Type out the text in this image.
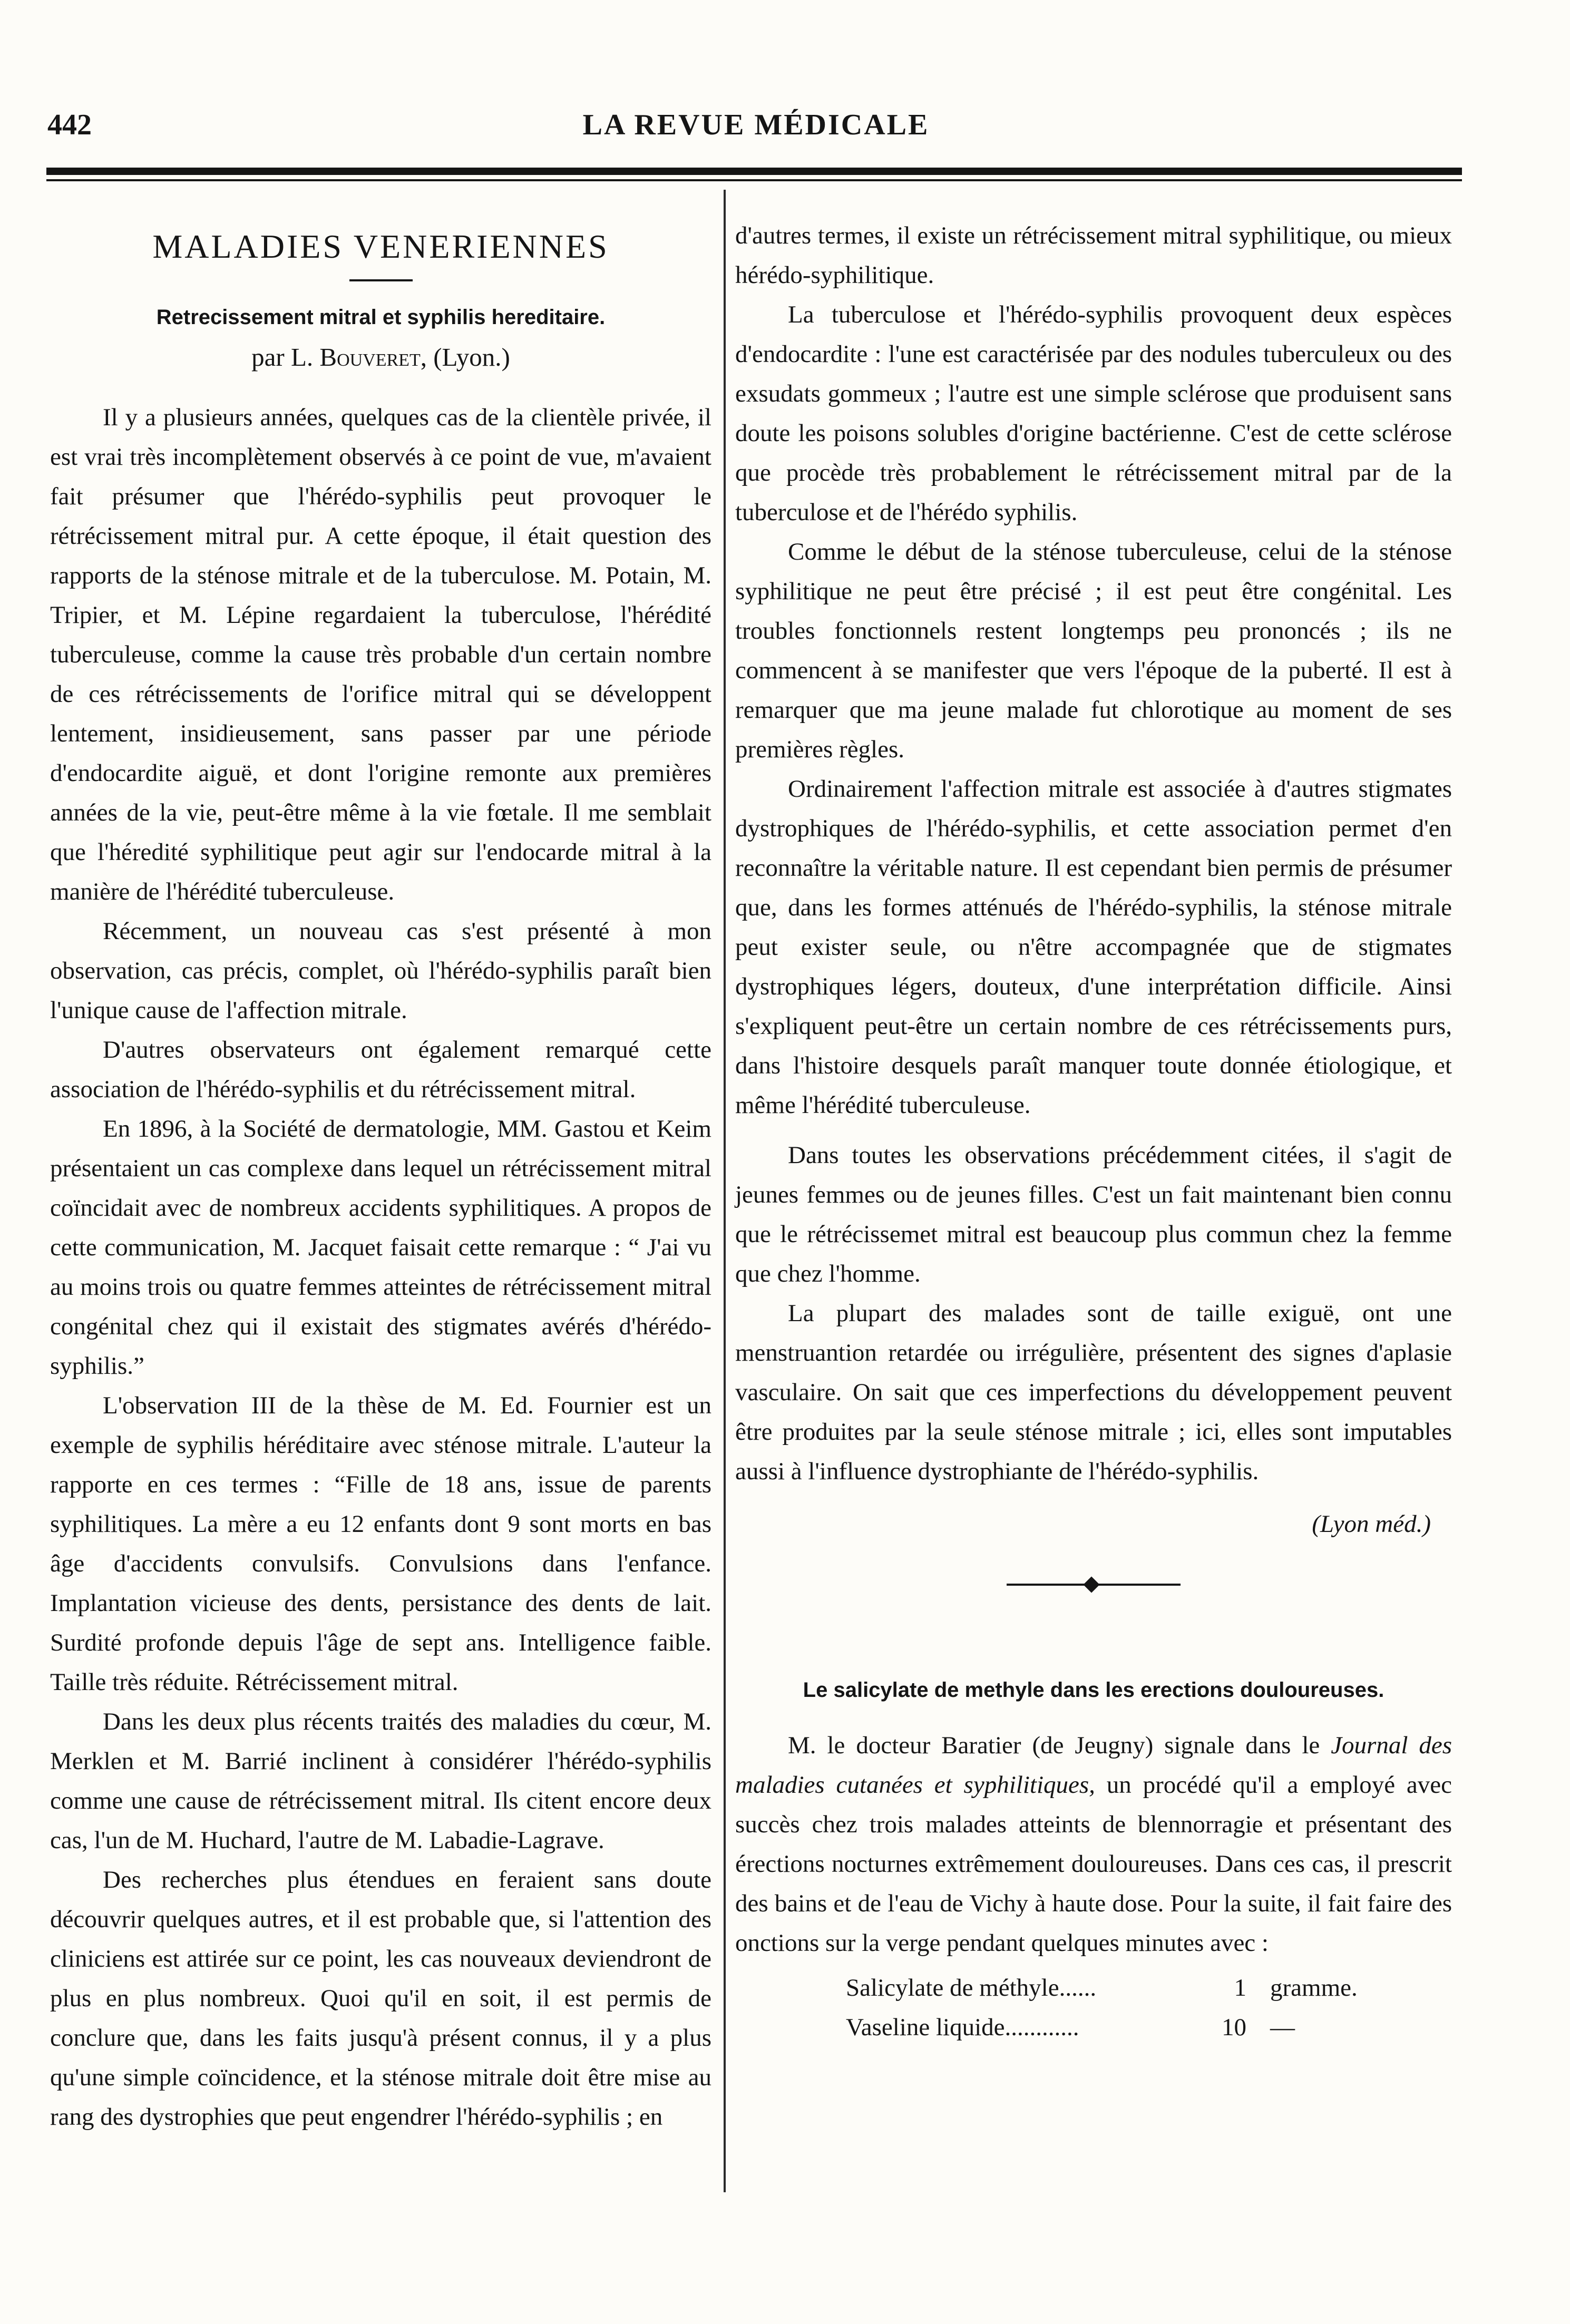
442	LA REVUE MÉDICALE
MALADIES VENERIENNES
Retrecissement mitral et syphilis hereditaire.
par L. Bouveret, (Lyon.)

Il y a plusieurs années, quelques cas de la clientèle privée, il est vrai très incomplètement observés à ce point de vue, m'avaient fait présumer que l'hérédo-syphilis peut provoquer le rétrécissement mitral pur. A cette époque, il était question des rapports de la sténose mitrale et de la tuberculose. M. Potain, M. Tripier, et M. Lépine regardaient la tuberculose, l'hérédité tuberculeuse, comme la cause très probable d'un certain nombre de ces rétrécissements de l'orifice mitral qui se développent lentement, insidieusement, sans passer par une période d'endocardite aiguë, et dont l'origine remonte aux premières années de la vie, peut-être même à la vie fœtale. Il me semblait que l'héredité syphilitique peut agir sur l'endocarde mitral à la manière de l'hérédité tuberculeuse.

Récemment, un nouveau cas s'est présenté à mon observation, cas précis, complet, où l'hérédo-syphilis paraît bien l'unique cause de l'affection mitrale.

D'autres observateurs ont également remarqué cette association de l'hérédo-syphilis et du rétrécissement mitral.

En 1896, à la Société de dermatologie, MM. Gastou et Keim présentaient un cas complexe dans lequel un rétrécissement mitral coïncidait avec de nombreux accidents syphilitiques. A propos de cette communication, M. Jacquet faisait cette remarque : “ J'ai vu au moins trois ou quatre femmes atteintes de rétrécissement mitral congénital chez qui il existait des stigmates avérés d'hérédo-syphilis.”

L'observation III de la thèse de M. Ed. Fournier est un exemple de syphilis héréditaire avec sténose mitrale. L'auteur la rapporte en ces termes : “Fille de 18 ans, issue de parents syphilitiques. La mère a eu 12 enfants dont 9 sont morts en bas âge d'accidents convulsifs. Convulsions dans l'enfance. Implantation vicieuse des dents, persistance des dents de lait. Surdité profonde depuis l'âge de sept ans. Intelligence faible. Taille très réduite. Rétrécissement mitral.

Dans les deux plus récents traités des maladies du cœur, M. Merklen et M. Barrié inclinent à considérer l'hérédo-syphilis comme une cause de rétrécissement mitral. Ils citent encore deux cas, l'un de M. Huchard, l'autre de M. Labadie-Lagrave.

Des recherches plus étendues en feraient sans doute découvrir quelques autres, et il est probable que, si l'attention des cliniciens est attirée sur ce point, les cas nouveaux deviendront de plus en plus nombreux. Quoi qu'il en soit, il est permis de conclure que, dans les faits jusqu'à présent connus, il y a plus qu'une simple coïncidence, et la sténose mitrale doit être mise au rang des dystrophies que peut engendrer l'hérédo-syphilis ; en

d'autres termes, il existe un rétrécissement mitral syphilitique, ou mieux hérédo-syphilitique.

La tuberculose et l'hérédo-syphilis provoquent deux espèces d'endocardite : l'une est caractérisée par des nodules tuberculeux ou des exsudats gommeux ; l'autre est une simple sclérose que produisent sans doute les poisons solubles d'origine bactérienne. C'est de cette sclérose que procède très probablement le rétrécissement mitral par de la tuberculose et de l'hérédo syphilis.

Comme le début de la sténose tuberculeuse, celui de la sténose syphilitique ne peut être précisé ; il est peut être congénital. Les troubles fonctionnels restent longtemps peu prononcés ; ils ne commencent à se manifester que vers l'époque de la puberté. Il est à remarquer que ma jeune malade fut chlorotique au moment de ses premières règles.

Ordinairement l'affection mitrale est associée à d'autres stigmates dystrophiques de l'hérédo-syphilis, et cette association permet d'en reconnaître la véritable nature. Il est cependant bien permis de présumer que, dans les formes atténués de l'hérédo-syphilis, la sténose mitrale peut exister seule, ou n'être accompagnée que de stigmates dystrophiques légers, douteux, d'une interprétation difficile. Ainsi s'expliquent peut-être un certain nombre de ces rétrécissements purs, dans l'histoire desquels paraît manquer toute donnée étiologique, et même l'hérédité tuberculeuse.

Dans toutes les observations précédemment citées, il s'agit de jeunes femmes ou de jeunes filles. C'est un fait maintenant bien connu que le rétrécissemet mitral est beaucoup plus commun chez la femme que chez l'homme.

La plupart des malades sont de taille exiguë, ont une menstruantion retardée ou irrégulière, présentent des signes d'aplasie vasculaire. On sait que ces imperfections du développement peuvent être produites par la seule sténose mitrale ; ici, elles sont imputables aussi à l'influence dystrophiante de l'hérédo-syphilis.

(Lyon méd.)
Le salicylate de methyle dans les erections douloureuses.

M. le docteur Baratier (de Jeugny) signale dans le Journal des maladies cutanées et syphilitiques, un procédé qu'il a employé avec succès chez trois malades atteints de blennorragie et présentant des érections nocturnes extrêmement douloureuses. Dans ces cas, il prescrit des bains et de l'eau de Vichy à haute dose. Pour la suite, il fait faire des onctions sur la verge pendant quelques minutes avec :

Salicylate de méthyle......	1 gramme.
Vaseline liquide............	10 —
